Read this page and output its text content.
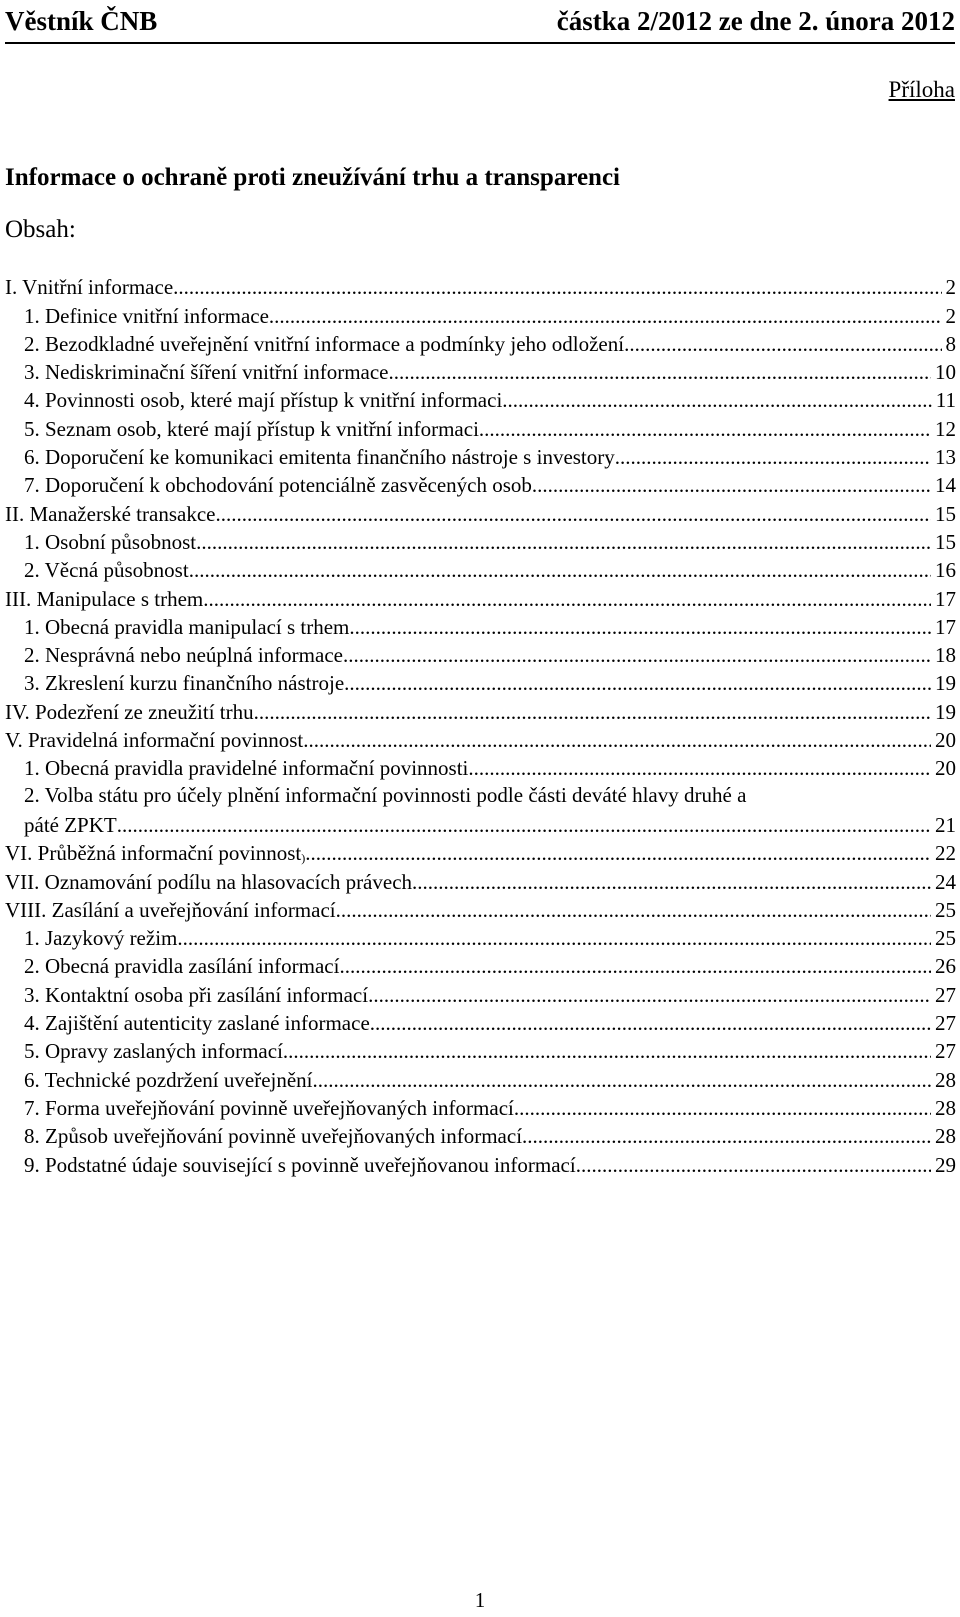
Věstník ČNB	částka 2/2012 ze dne 2. února 2012
Příloha
Informace o ochraně proti zneužívání trhu a transparenci
Obsah:
I. Vnitřní informace .....	2
1. Definice vnitřní informace .....	2
2. Bezodkladné uveřejnění vnitřní informace a podmínky jeho odložení .....	8
3. Nediskriminační šíření vnitřní informace .....	10
4. Povinnosti osob, které mají přístup k vnitřní informaci .....	11
5. Seznam osob, které mají přístup k vnitřní informaci .....	12
6. Doporučení ke komunikaci emitenta finančního nástroje s investory .....	13
7. Doporučení k obchodování potenciálně zasvěcených osob .....	14
II. Manažerské transakce .....	15
1. Osobní působnost .....	15
2. Věcná působnost .....	16
III. Manipulace s trhem .....	17
1. Obecná pravidla manipulací s trhem .....	17
2. Nesprávná nebo neúplná informace .....	18
3. Zkreslení kurzu finančního nástroje .....	19
IV. Podezření ze zneužití trhu .....	19
V. Pravidelná informační povinnost .....	20
1. Obecná pravidla pravidelné informační povinnosti .....	20
2. Volba státu pro účely plnění informační povinnosti podle části deváté hlavy druhé a
páté ZPKT .....	21
VI. Průběžná informační povinnost ) .....	22
VII. Oznamování podílu na hlasovacích právech .....	24
VIII. Zasílání a uveřejňování informací .....	25
1. Jazykový režim .....	25
2. Obecná pravidla zasílání informací .....	26
3. Kontaktní osoba při zasílání informací .....	27
4. Zajištění autenticity zaslané informace .....	27
5. Opravy zaslaných informací .....	27
6. Technické pozdržení uveřejnění .....	28
7. Forma uveřejňování povinně uveřejňovaných informací .....	28
8. Způsob uveřejňování povinně uveřejňovaných informací .....	28
9. Podstatné údaje související s povinně uveřejňovanou informací .....	29
1
